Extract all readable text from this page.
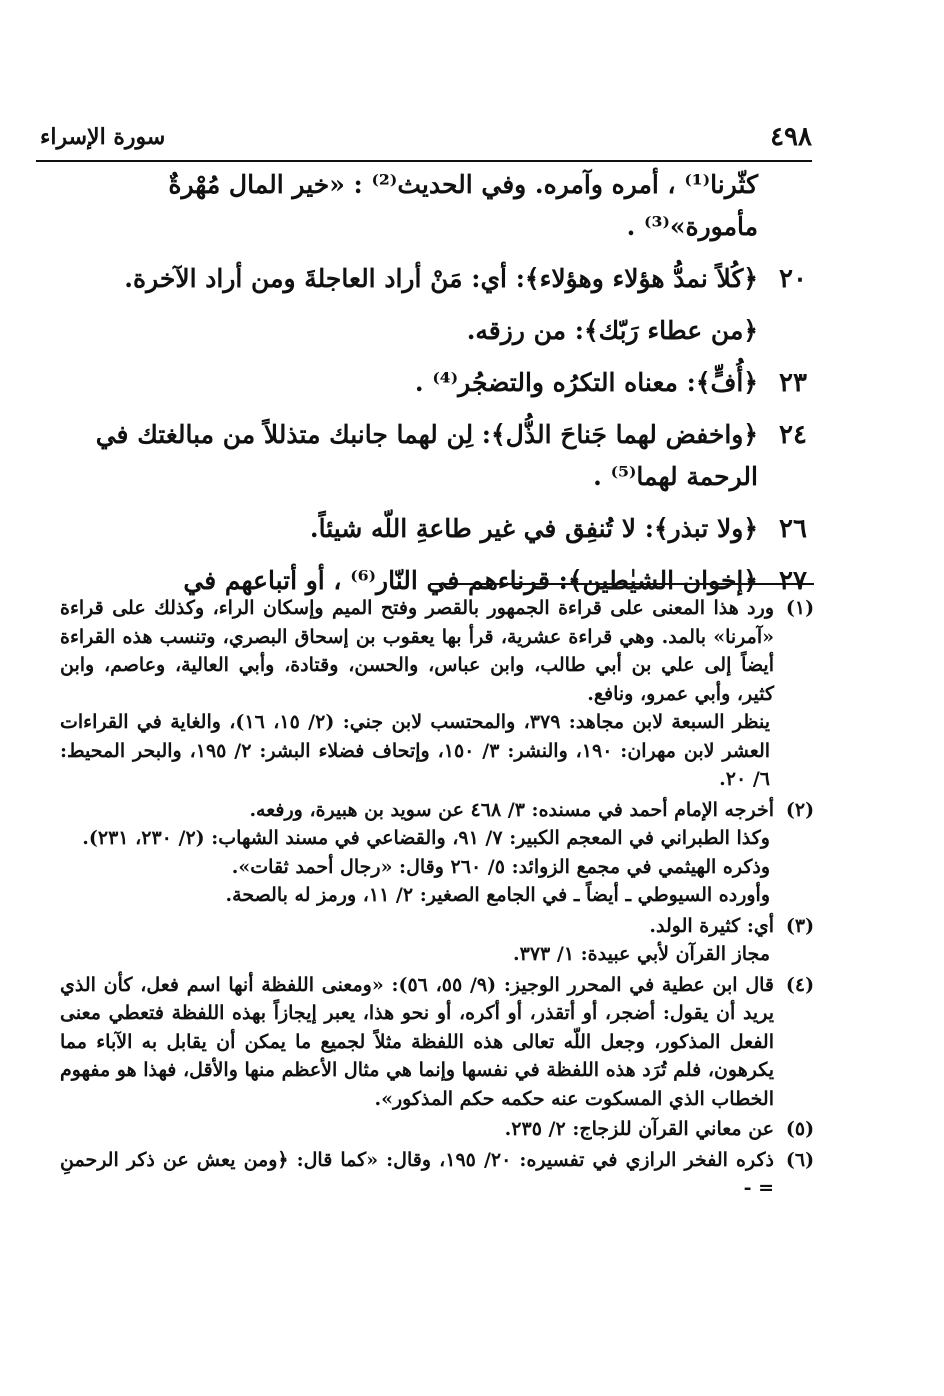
٤٩٨
سورة الإسراء
كثّرنا⁽¹⁾ ، أمره وآمره. وفي الحديث⁽²⁾ : «خير المال مُهْرةٌ مأمورة»⁽³⁾ .
٢٠
﴿كُلاً نمدُّ هؤلاء وهؤلاء﴾: أي: مَنْ أراد العاجلةَ ومن أراد الآخرة.
﴿من عطاء رَبّك﴾: من رزقه.
٢٣
﴿أُفٍّ﴾: معناه التكرُه والتضجُر⁽⁴⁾ .
٢٤
﴿واخفض لهما جَناحَ الذُّل﴾: لِن لهما جانبك متذللاً من مبالغتك في الرحمة لهما⁽⁵⁾ .
٢٦
﴿ولا تبذر﴾: لا تُنفِق في غير طاعةِ اللّه شيئاً.
٢٧
﴿إخوان الشيٰطين﴾: قرناءهم في النّار⁽⁶⁾ ، أو أتباعهم في
(١)

ورد هذا المعنى على قراءة الجمهور بالقصر وفتح الميم وإسكان الراء، وكذلك على قراءة «آمرنا» بالمد. وهي قراءة عشرية، قرأ بها يعقوب بن إسحاق البصري، وتنسب هذه القراءة أيضاً إلى علي بن أبي طالب، وابن عباس، والحسن، وقتادة، وأبي العالية، وعاصم، وابن كثير، وأبي عمرو، ونافع.

ينظر السبعة لابن مجاهد: ٣٧٩، والمحتسب لابن جني: (٢/ ١٥، ١٦)، والغاية في القراءات العشر لابن مهران: ١٩٠، والنشر: ٣/ ١٥٠، وإتحاف فضلاء البشر: ٢/ ١٩٥، والبحر المحيط: ٦/ ٢٠.

(٢)

أخرجه الإمام أحمد في مسنده: ٣/ ٤٦٨ عن سويد بن هبيرة، ورفعه.

وكذا الطبراني في المعجم الكبير: ٧/ ٩١، والقضاعي في مسند الشهاب: (٢/ ٢٣٠، ٢٣١).

وذكره الهيثمي في مجمع الزوائد: ٥/ ٢٦٠ وقال: «رجال أحمد ثقات».

وأورده السيوطي ـ أيضاً ـ في الجامع الصغير: ٢/ ١١، ورمز له بالصحة.

(٣)

أي: كثيرة الولد.

مجاز القرآن لأبي عبيدة: ١/ ٣٧٣.

(٤)

قال ابن عطية في المحرر الوجيز: (٩/ ٥٥، ٥٦): «ومعنى اللفظة أنها اسم فعل، كأن الذي يريد أن يقول: أضجر، أو أتقذر، أو أكره، أو نحو هذا، يعبر إيجازاً بهذه اللفظة فتعطي معنى الفعل المذكور، وجعل اللّه تعالى هذه اللفظة مثلاً لجميع ما يمكن أن يقابل به الآباء مما يكرهون، فلم تُرَد هذه اللفظة في نفسها وإنما هي مثال الأعظم منها والأقل، فهذا هو مفهوم الخطاب الذي المسكوت عنه حكمه حكم المذكور».

(٥)

عن معاني القرآن للزجاج: ٢/ ٢٣٥.

(٦)

ذكره الفخر الرازي في تفسيره: ٢٠/ ١٩٥، وقال: «كما قال: ﴿ومن يعش عن ذكر الرحمنِ = -
